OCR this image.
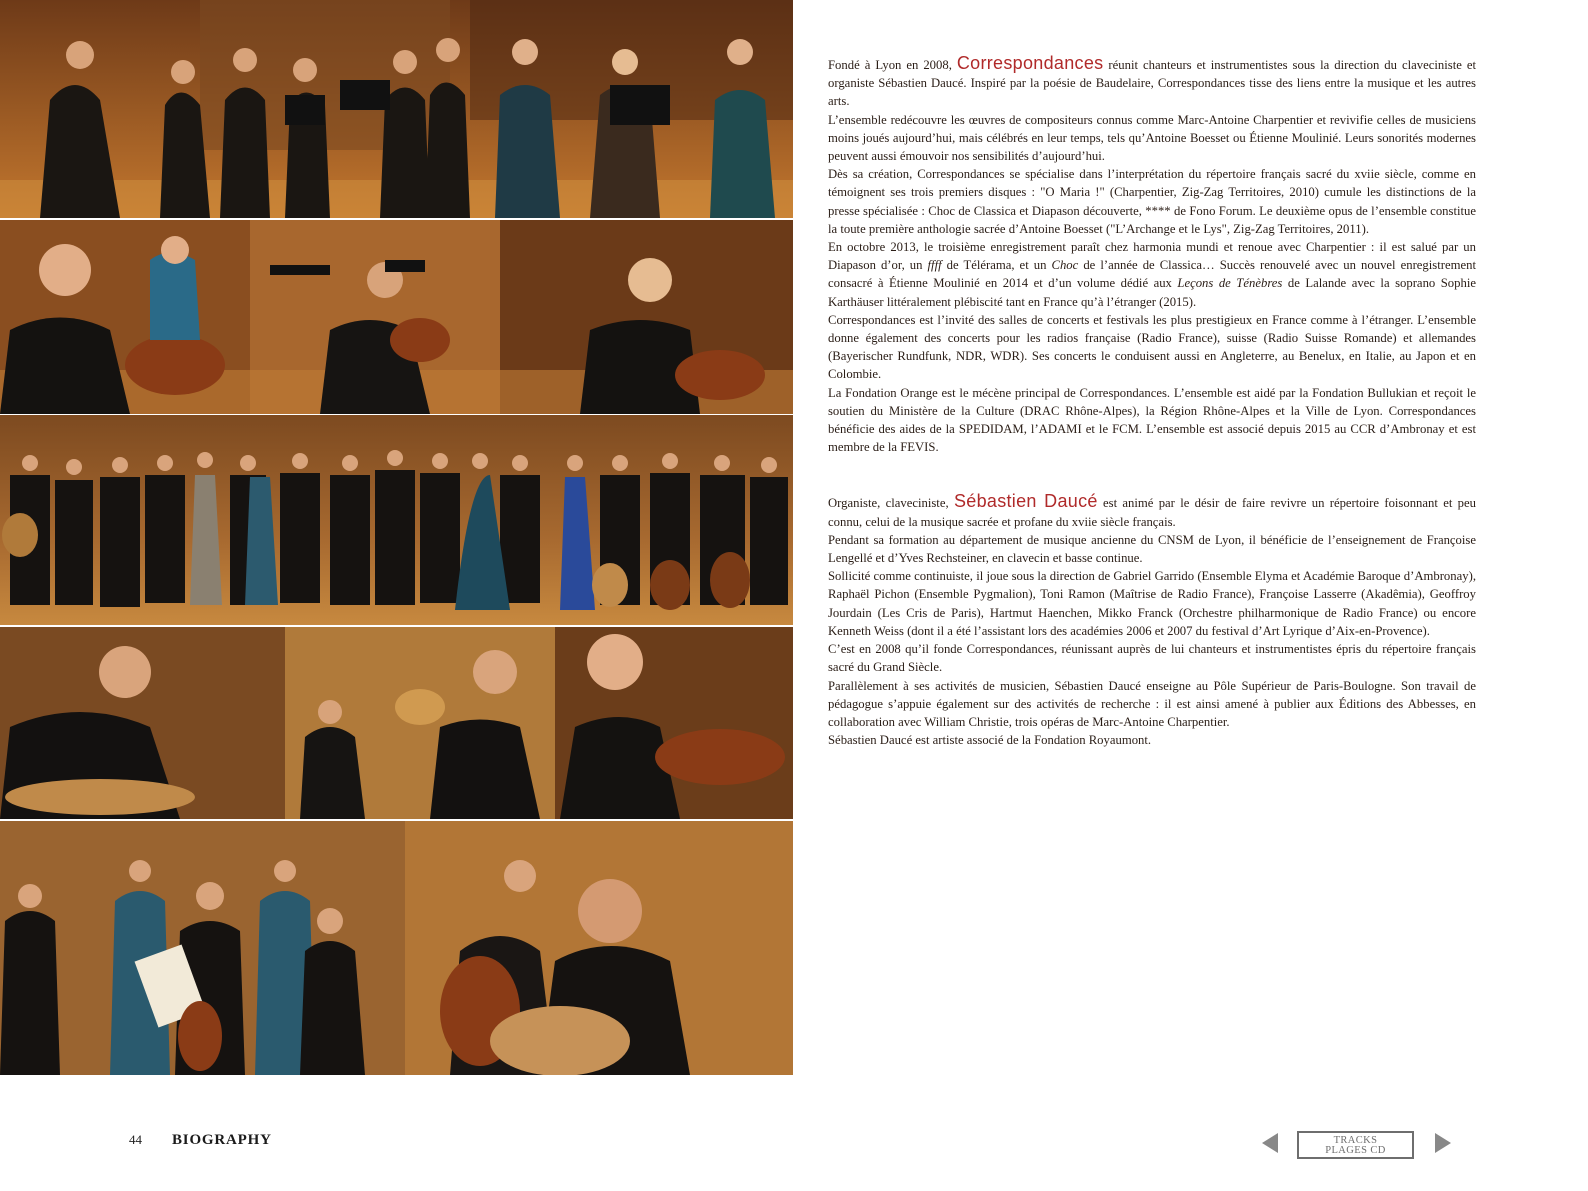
Fondé à Lyon en 2008, Correspondances réunit chanteurs et instrumentistes sous la direction du claveciniste et organiste Sébastien Daucé. Inspiré par la poésie de Baudelaire, Correspondances tisse des liens entre la musique et les autres arts.

L’ensemble redécouvre les œuvres de compositeurs connus comme Marc-Antoine Charpentier et revivifie celles de musiciens moins joués aujourd’hui, mais célébrés en leur temps, tels qu’Antoine Boesset ou Étienne Moulinié. Leurs sonorités modernes peuvent aussi émouvoir nos sensibilités d’aujourd’hui.

Dès sa création, Correspondances se spécialise dans l’interprétation du répertoire français sacré du xviie siècle, comme en témoignent ses trois premiers disques : "O Maria !" (Charpentier, Zig-Zag Territoires, 2010) cumule les distinctions de la presse spécialisée : Choc de Classica et Diapason découverte, **** de Fono Forum. Le deuxième opus de l’ensemble constitue la toute première anthologie sacrée d’Antoine Boesset ("L’Archange et le Lys", Zig-Zag Territoires, 2011).

En octobre 2013, le troisième enregistrement paraît chez harmonia mundi et renoue avec Charpentier : il est salué par un Diapason d’or, un ffff de Télérama, et un Choc de l’année de Classica… Succès renouvelé avec un nouvel enregistrement consacré à Étienne Moulinié en 2014 et d’un volume dédié aux Leçons de Ténèbres de Lalande avec la soprano Sophie Karthäuser littéralement plébiscité tant en France qu’à l’étranger (2015).

Correspondances est l’invité des salles de concerts et festivals les plus prestigieux en France comme à l’étranger. L’ensemble donne également des concerts pour les radios française (Radio France), suisse (Radio Suisse Romande) et allemandes (Bayerischer Rundfunk, NDR, WDR). Ses concerts le conduisent aussi en Angleterre, au Benelux, en Italie, au Japon et en Colombie.

La Fondation Orange est le mécène principal de Correspondances. L’ensemble est aidé par la Fondation Bullukian et reçoit le soutien du Ministère de la Culture (DRAC Rhône-Alpes), la Région Rhône-Alpes et la Ville de Lyon. Correspondances bénéficie des aides de la SPEDIDAM, l’ADAMI et le FCM. L’ensemble est associé depuis 2015 au CCR d’Ambronay et est membre de la FEVIS.

Organiste, claveciniste, Sébastien Daucé est animé par le désir de faire revivre un répertoire foisonnant et peu connu, celui de la musique sacrée et profane du xviie siècle français.

Pendant sa formation au département de musique ancienne du CNSM de Lyon, il bénéficie de l’enseignement de Françoise Lengellé et d’Yves Rechsteiner, en clavecin et basse continue.

Sollicité comme continuiste, il joue sous la direction de Gabriel Garrido (Ensemble Elyma et Académie Baroque d’Ambronay), Raphaël Pichon (Ensemble Pygmalion), Toni Ramon (Maîtrise de Radio France), Françoise Lasserre (Akadêmia), Geoffroy Jourdain (Les Cris de Paris), Hartmut Haenchen, Mikko Franck (Orchestre philharmonique de Radio France) ou encore Kenneth Weiss (dont il a été l’assistant lors des académies 2006 et 2007 du festival d’Art Lyrique d’Aix-en-Provence).

C’est en 2008 qu’il fonde Correspondances, réunissant auprès de lui chanteurs et instrumentistes épris du répertoire français sacré du Grand Siècle.

Parallèlement à ses activités de musicien, Sébastien Daucé enseigne au Pôle Supérieur de Paris-Boulogne. Son travail de pédagogue s’appuie également sur des activités de recherche : il est ainsi amené à publier aux Éditions des Abbesses, en collaboration avec William Christie, trois opéras de Marc-Antoine Charpentier.

Sébastien Daucé est artiste associé de la Fondation Royaumont.

44 BIOGRAPHY	TRACKS
PLAGES CD
